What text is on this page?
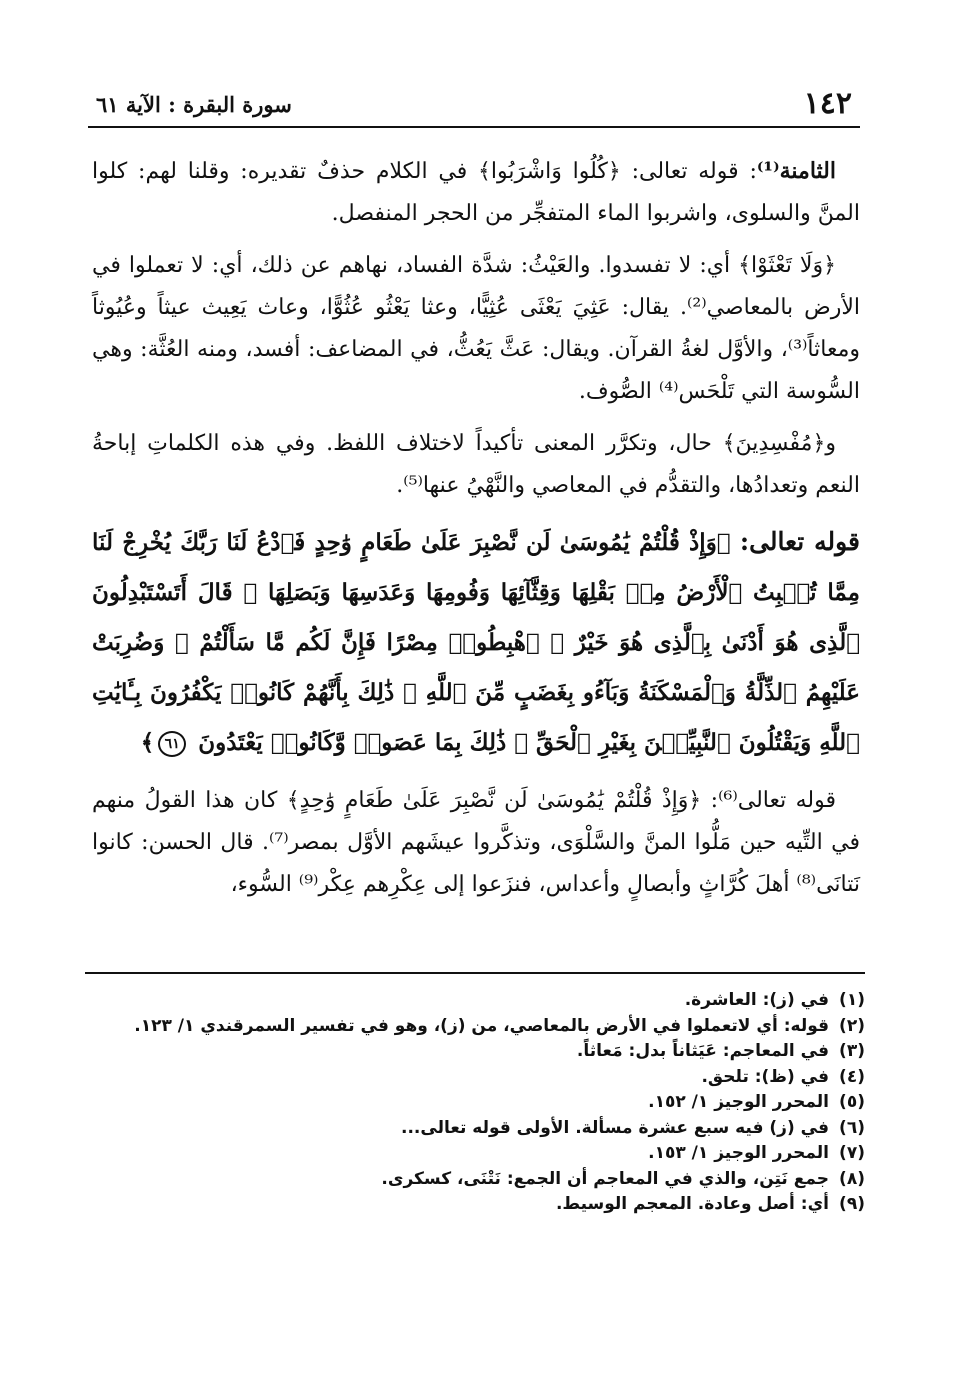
١٤٢
سورة البقرة : الآية ٦١

الثامنة⁽¹⁾: قوله تعالى: ﴿كُلُوا وَاشْرَبُوا﴾ في الكلام حذفٌ تقديره: وقلنا لهم: كلوا المنَّ والسلوى، واشربوا الماء المتفجِّر من الحجر المنفصل.

﴿وَلَا تَعْثَوْا﴾ أي: لا تفسدوا. والعَيْثُ: شدَّة الفساد، نهاهم عن ذلك، أي: لا تعملوا في الأرض بالمعاصي⁽²⁾. يقال: عَثِيَ يَعْثَى عُثِيًّا، وعثا يَعْثُو عُثُوًّا، وعاث يَعِيث عيثاً وعُيُوثاً ومعاثاً⁽³⁾، والأوَّل لغةُ القرآن. ويقال: عَثَّ يَعُثُّ، في المضاعف: أفسد، ومنه العُثَّة: وهي السُّوسة التي تَلْحَس⁽⁴⁾ الصُّوف.

و﴿مُفْسِدِينَ﴾ حال، وتكرَّر المعنى تأكيداً لاختلاف اللفظ. وفي هذه الكلماتِ إباحةُ النعم وتعدادُها، والتقدُّم في المعاصي والنَّهْيُ عنها⁽⁵⁾.

قوله تعالى: ﴿وَإِذْ قُلْتُمْ يَٰمُوسَىٰ لَن نَّصْبِرَ عَلَىٰ طَعَامٍ وَٰحِدٍ فَٱدْعُ لَنَا رَبَّكَ يُخْرِجْ لَنَا مِمَّا تُنۢبِتُ ٱلْأَرْضُ مِنۢ بَقْلِهَا وَقِثَّآئِهَا وَفُومِهَا وَعَدَسِهَا وَبَصَلِهَا ۖ قَالَ أَتَسْتَبْدِلُونَ ٱلَّذِى هُوَ أَدْنَىٰ بِٱلَّذِى هُوَ خَيْرٌ ۚ ٱهْبِطُوا۟ مِصْرًا فَإِنَّ لَكُم مَّا سَأَلْتُمْ ۗ وَضُرِبَتْ عَلَيْهِمُ ٱلذِّلَّةُ وَٱلْمَسْكَنَةُ وَبَآءُو بِغَضَبٍ مِّنَ ٱللَّهِ ۗ ذَٰلِكَ بِأَنَّهُمْ كَانُوا۟ يَكْفُرُونَ بِـَٔايَٰتِ ٱللَّهِ وَيَقْتُلُونَ ٱلنَّبِيِّـۧنَ بِغَيْرِ ٱلْحَقِّ ۗ ذَٰلِكَ بِمَا عَصَوا۟ وَّكَانُوا۟ يَعْتَدُونَ ٦١﴾

قوله تعالى⁽⁶⁾: ﴿وَإِذْ قُلْتُمْ يَٰمُوسَىٰ لَن نَّصْبِرَ عَلَىٰ طَعَامٍ وَٰحِدٍ﴾ كان هذا القولُ منهم في التِّيه حين مَلُّوا المنَّ والسَّلْوَى، وتذكَّروا عيشَهم الأوَّل بمصر⁽⁷⁾. قال الحسن: كانوا نَتانَى⁽⁸⁾ أهلَ كُرَّاثٍ وأبصالٍ وأعداس، فنزَعوا إلى عِكْرِهم عِكْر⁽⁹⁾ السُّوء،

(١)في (ز): العاشرة.
(٢)قوله: أي لاتعملوا في الأرض بالمعاصي، من (ز)، وهو في تفسير السمرقندي ١/ ١٢٣.
(٣)في المعاجم: عَيَثاناً بدل: مَعاثاً.
(٤)في (ظ): تلحق.
(٥)المحرر الوجيز ١/ ١٥٢.
(٦)في (ز) فيه سبع عشرة مسألة. الأولى قوله تعالى...
(٧)المحرر الوجيز ١/ ١٥٣.
(٨)جمع نَتِن، والذي في المعاجم أن الجمع: نَتْنَى، كسكرى.
(٩)أي: أصل وعادة. المعجم الوسيط.
